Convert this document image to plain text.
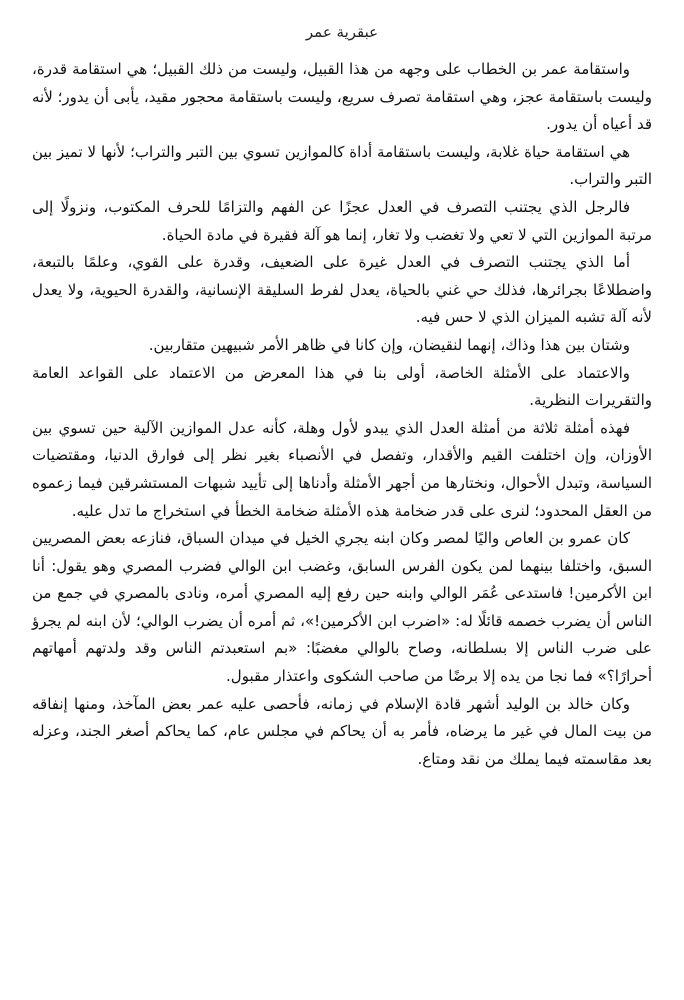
عبقرية عمر

واستقامة عمر بن الخطاب على وجهه من هذا القبيل، وليست من ذلك القبيل؛ هي استقامة قدرة، وليست باستقامة عجز، وهي استقامة تصرف سريع، وليست باستقامة محجور مقيد، يأبى أن يدور؛ لأنه قد أعياه أن يدور.

هي استقامة حياة غلابة، وليست باستقامة أداة كالموازين تسوي بين التبر والتراب؛ لأنها لا تميز بين التبر والتراب.

فالرجل الذي يجتنب التصرف في العدل عجزًا عن الفهم والتزامًا للحرف المكتوب، ونزولًا إلى مرتبة الموازين التي لا تعي ولا تغضب ولا تغار، إنما هو آلة فقيرة في مادة الحياة.

أما الذي يجتنب التصرف في العدل غيرة على الضعيف، وقدرة على القوي، وعلمًا بالتبعة، واضطلاعًا بجرائرها، فذلك حي غني بالحياة، يعدل لفرط السليقة الإنسانية، والقدرة الحيوية، ولا يعدل لأنه آلة تشبه الميزان الذي لا حس فيه.

وشتان بين هذا وذاك، إنهما لنقيضان، وإن كانا في ظاهر الأمر شبيهين متقاربين.

والاعتماد على الأمثلة الخاصة، أولى بنا في هذا المعرض من الاعتماد على القواعد العامة والتقريرات النظرية.

فهذه أمثلة ثلاثة من أمثلة العدل الذي يبدو لأول وهلة، كأنه عدل الموازين الآلية حين تسوي بين الأوزان، وإن اختلفت القيم والأقدار، وتفصل في الأنصباء بغير نظر إلى فوارق الدنيا، ومقتضيات السياسة، وتبدل الأحوال، ونختارها من أجهر الأمثلة وأدناها إلى تأييد شبهات المستشرقين فيما زعموه من العقل المحدود؛ لنرى على قدر ضخامة هذه الأمثلة ضخامة الخطأ في استخراج ما تدل عليه.

كان عمرو بن العاص واليًا لمصر وكان ابنه يجري الخيل في ميدان السباق، فنازعه بعض المصريين السبق، واختلفا بينهما لمن يكون الفرس السابق، وغضب ابن الوالي فضرب المصري وهو يقول: أنا ابن الأكرمين! فاستدعى عُمَر الوالي وابنه حين رفع إليه المصري أمره، ونادى بالمصري في جمع من الناس أن يضرب خصمه قائلًا له: «اضرب ابن الأكرمين!»، ثم أمره أن يضرب الوالي؛ لأن ابنه لم يجرؤ على ضرب الناس إلا بسلطانه، وصاح بالوالي مغضبًا: «بم استعبدتم الناس وقد ولدتهم أمهاتهم أحرارًا؟» فما نجا من يده إلا برضًا من صاحب الشكوى واعتذار مقبول.

وكان خالد بن الوليد أشهر قادة الإسلام في زمانه، فأحصى عليه عمر بعض المآخذ، ومنها إنفاقه من بيت المال في غير ما يرضاه، فأمر به أن يحاكم في مجلس عام، كما يحاكم أصغر الجند، وعزله بعد مقاسمته فيما يملك من نقد ومتاع.
